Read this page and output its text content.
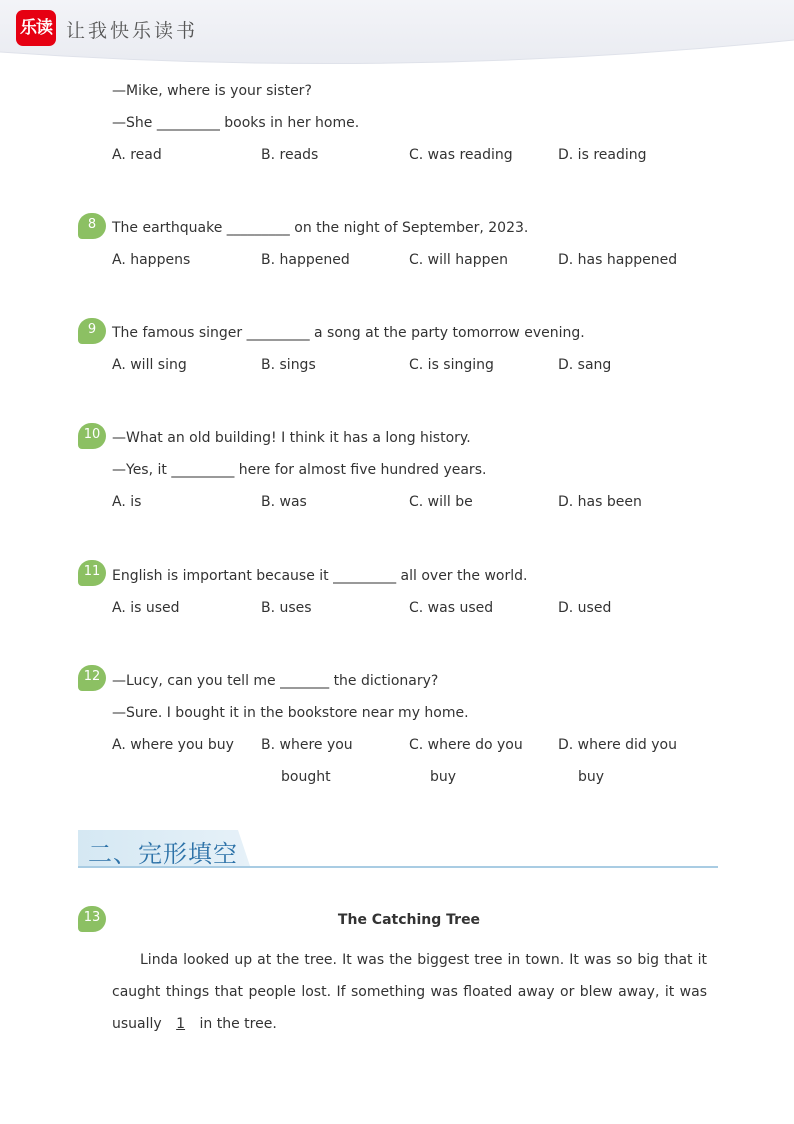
乐读 让我快乐读书
—Mike, where is your sister?
—She _________ books in her home.
A. read	B. reads	C. was reading	D. is reading
8	The earthquake _________ on the night of September, 2023.
A. happens	B. happened	C. will happen	D. has happened
9	The famous singer _________ a song at the party tomorrow evening.
A. will sing	B. sings	C. is singing	D. sang
10 —What an old building! I think it has a long history.
—Yes, it _________ here for almost five hundred years.
A. is	B. was	C. will be	D. has been
11 English is important because it _________ all over the world.
A. is used	B. uses	C. was used	D. used
12 —Lucy, can you tell me _______ the dictionary?
—Sure. I bought it in the bookstore near my home.
A. where you buy B. where you	C. where do you	D. where did you
bought	buy	buy
二、完形填空
13	The Catching Tree
Linda looked up at the tree. It was the biggest tree in town. It was so big that it caught things that people lost. If something was floated away or blew away, it was usually 1 in the tree.
